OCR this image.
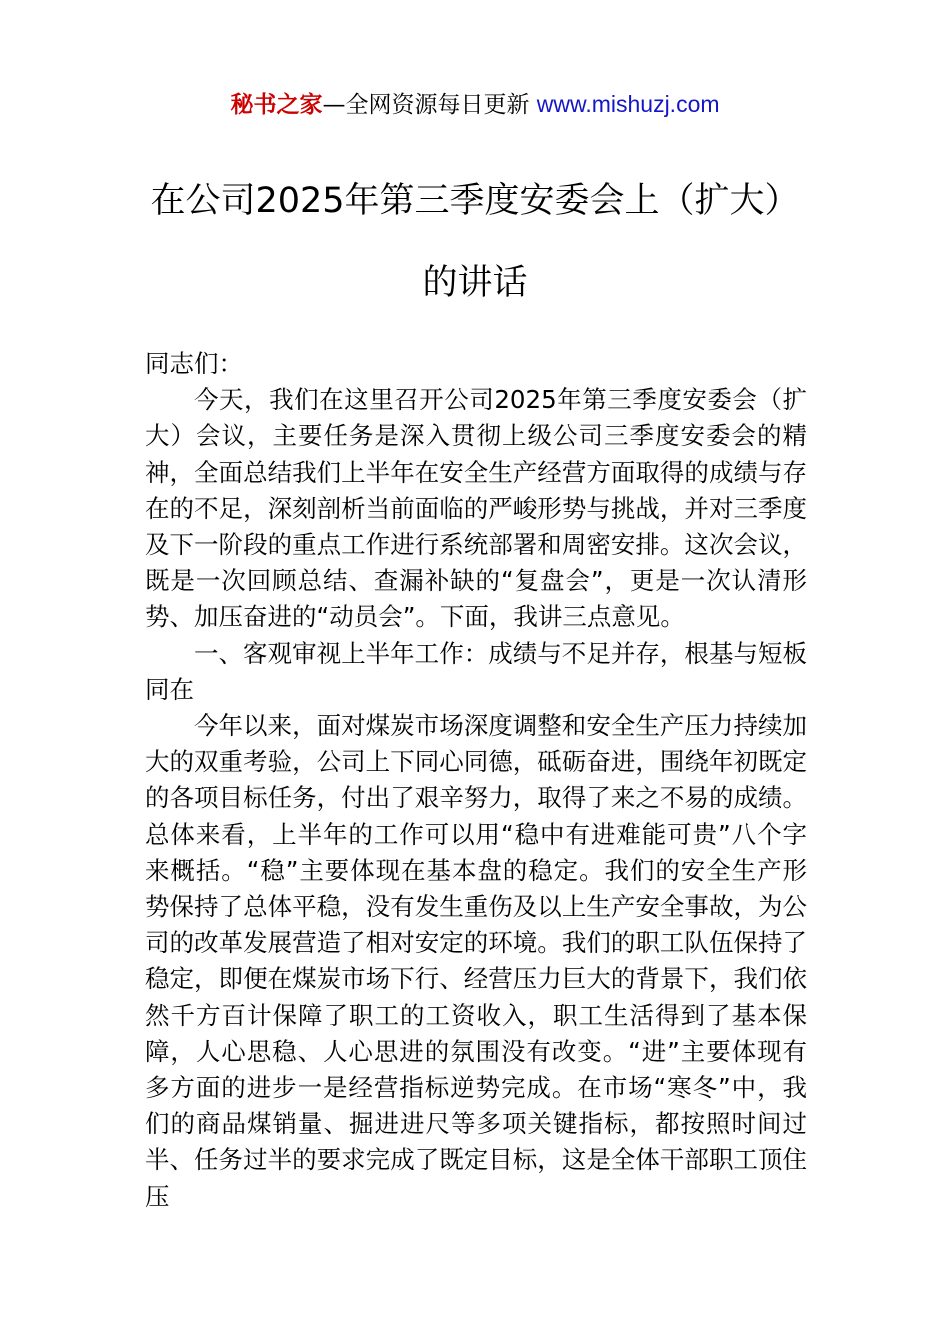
秘书之家—全网资源每日更新 www.mishuzj.com
在公司2025年第三季度安委会上（扩大）
的讲话

同志们：

今天，我们在这里召开公司2025年第三季度安委会（扩大）会议，主要任务是深入贯彻上级公司三季度安委会的精神，全面总结我们上半年在安全生产经营方面取得的成绩与存在的不足，深刻剖析当前面临的严峻形势与挑战，并对三季度及下一阶段的重点工作进行系统部署和周密安排。这次会议，既是一次回顾总结、查漏补缺的“复盘会”，更是一次认清形势、加压奋进的“动员会”。下面，我讲三点意见。

一、客观审视上半年工作：成绩与不足并存，根基与短板同在

今年以来，面对煤炭市场深度调整和安全生产压力持续加大的双重考验，公司上下同心同德，砥砺奋进，围绕年初既定的各项目标任务，付出了艰辛努力，取得了来之不易的成绩。总体来看，上半年的工作可以用“稳中有进难能可贵”八个字来概括。“稳”主要体现在基本盘的稳定。我们的安全生产形势保持了总体平稳，没有发生重伤及以上生产安全事故，为公司的改革发展营造了相对安定的环境。我们的职工队伍保持了稳定，即便在煤炭市场下行、经营压力巨大的背景下，我们依然千方百计保障了职工的工资收入，职工生活得到了基本保障，人心思稳、人心思进的氛围没有改变。“进”主要体现有多方面的进步一是经营指标逆势完成。在市场“寒冬”中，我们的商品煤销量、掘进进尺等多项关键指标，都按照时间过半、任务过半的要求完成了既定目标，这是全体干部职工顶住压
